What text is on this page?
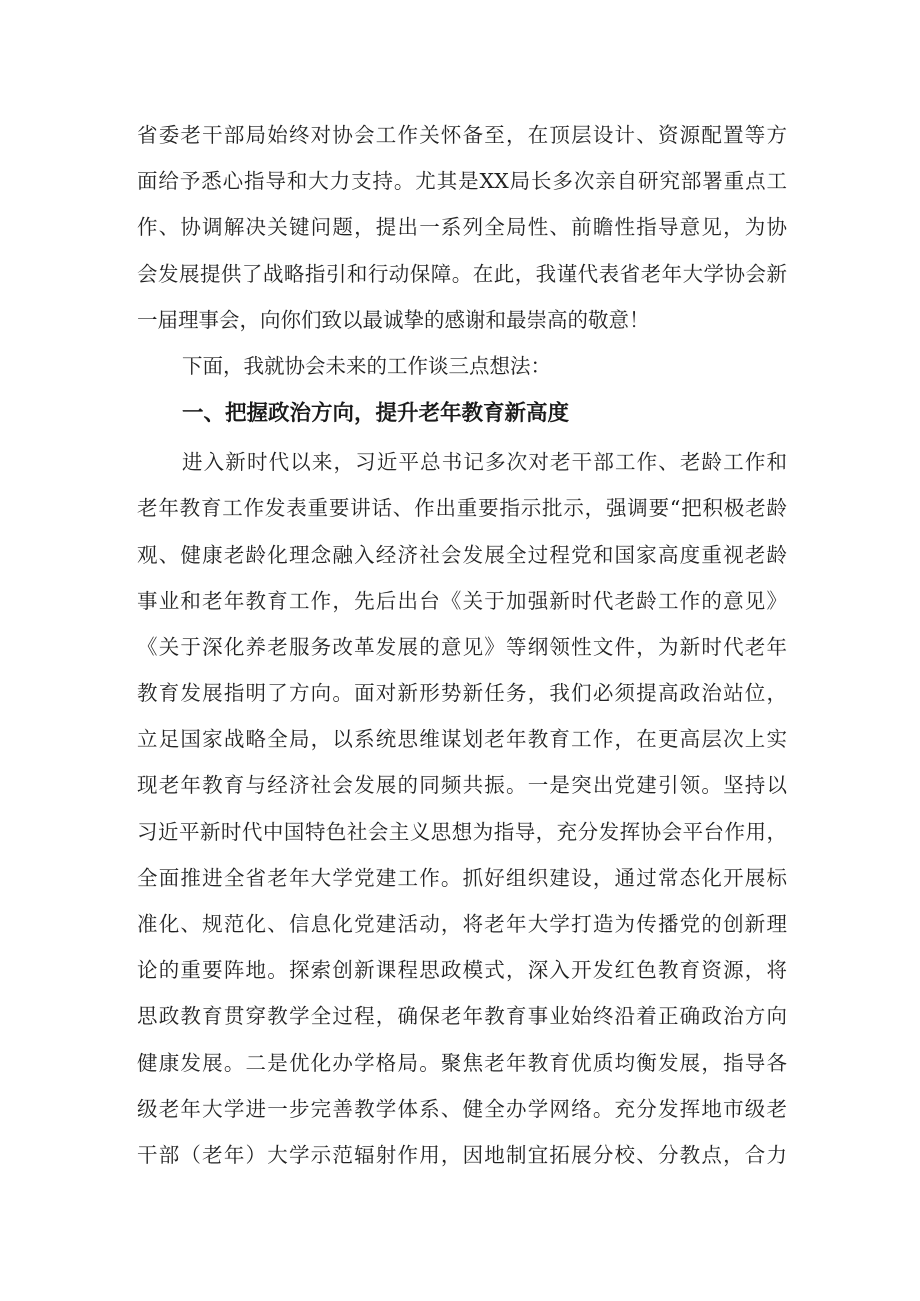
省委老干部局始终对协会工作关怀备至，在顶层设计、资源配置等方
面给予悉心指导和大力支持。尤其是XX局长多次亲自研究部署重点工
作、协调解决关键问题，提出一系列全局性、前瞻性指导意见，为协
会发展提供了战略指引和行动保障。在此，我谨代表省老年大学协会新
一届理事会，向你们致以最诚挚的感谢和最崇高的敬意！
下面，我就协会未来的工作谈三点想法：
一、把握政治方向，提升老年教育新高度
进入新时代以来，习近平总书记多次对老干部工作、老龄工作和
老年教育工作发表重要讲话、作出重要指示批示，强调要“把积极老龄
观、健康老龄化理念融入经济社会发展全过程党和国家高度重视老龄
事业和老年教育工作，先后出台《关于加强新时代老龄工作的意见》
《关于深化养老服务改革发展的意见》等纲领性文件，为新时代老年
教育发展指明了方向。面对新形势新任务，我们必须提高政治站位，
立足国家战略全局，以系统思维谋划老年教育工作，在更高层次上实
现老年教育与经济社会发展的同频共振。一是突出党建引领。坚持以
习近平新时代中国特色社会主义思想为指导，充分发挥协会平台作用，
全面推进全省老年大学党建工作。抓好组织建设，通过常态化开展标
准化、规范化、信息化党建活动，将老年大学打造为传播党的创新理
论的重要阵地。探索创新课程思政模式，深入开发红色教育资源，将
思政教育贯穿教学全过程，确保老年教育事业始终沿着正确政治方向
健康发展。二是优化办学格局。聚焦老年教育优质均衡发展，指导各
级老年大学进一步完善教学体系、健全办学网络。充分发挥地市级老
干部（老年）大学示范辐射作用，因地制宜拓展分校、分教点，合力
